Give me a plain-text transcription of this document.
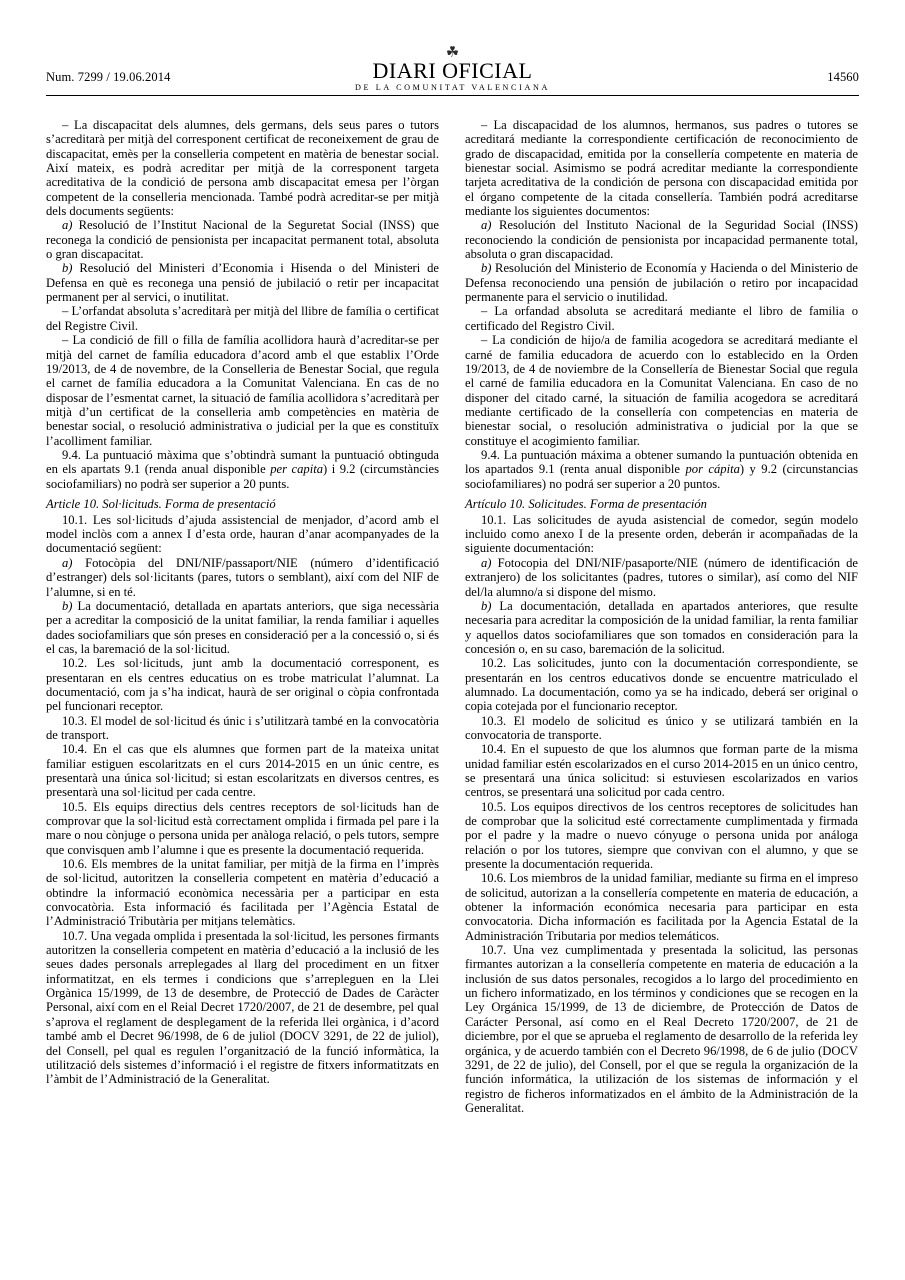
Num. 7299 / 19.06.2014
☘
DIARI OFICIAL
DE LA COMUNITAT VALENCIANA
14560

– La discapacitat dels alumnes, dels germans, dels seus pares o tutors s’acreditarà per mitjà del corresponent certificat de reconeixement de grau de discapacitat, emès per la conselleria competent en matèria de benestar social. Així mateix, es podrà acreditar per mitjà de la corresponent targeta acreditativa de la condició de persona amb discapacitat emesa per l’òrgan competent de la conselleria mencionada. També podrà acreditar-se per mitjà dels documents següents:

a) Resolució de l’Institut Nacional de la Seguretat Social (INSS) que reconega la condició de pensionista per incapacitat permanent total, absoluta o gran discapacitat.

b) Resolució del Ministeri d’Economia i Hisenda o del Ministeri de Defensa en què es reconega una pensió de jubilació o retir per incapacitat permanent per al servici, o inutilitat.

– L’orfandat absoluta s’acreditarà per mitjà del llibre de família o certificat del Registre Civil.

– La condició de fill o filla de família acollidora haurà d’acreditar-se per mitjà del carnet de família educadora d’acord amb el que establix l’Orde 19/2013, de 4 de novembre, de la Conselleria de Benestar Social, que regula el carnet de família educadora a la Comunitat Valenciana. En cas de no disposar de l’esmentat carnet, la situació de família acollidora s’acreditarà per mitjà d’un certificat de la conselleria amb competències en matèria de benestar social, o resolució administrativa o judicial per la que es constituïx l’acolliment familiar.

9.4. La puntuació màxima que s’obtindrà sumant la puntuació obtinguda en els apartats 9.1 (renda anual disponible per capita) i 9.2 (circumstàncies sociofamiliars) no podrà ser superior a 20 punts.

Article 10. Sol·licituds. Forma de presentació

10.1. Les sol·licituds d’ajuda assistencial de menjador, d’acord amb el model inclòs com a annex I d’esta orde, hauran d’anar acompanyades de la documentació següent:

a) Fotocòpia del DNI/NIF/passaport/NIE (número d’identificació d’estranger) dels sol·licitants (pares, tutors o semblant), així com del NIF de l’alumne, si en té.

b) La documentació, detallada en apartats anteriors, que siga necessària per a acreditar la composició de la unitat familiar, la renda familiar i aquelles dades sociofamiliars que són preses en consideració per a la concessió o, si és el cas, la baremació de la sol·licitud.

10.2. Les sol·licituds, junt amb la documentació corresponent, es presentaran en els centres educatius on es trobe matriculat l’alumnat. La documentació, com ja s’ha indicat, haurà de ser original o còpia confrontada pel funcionari receptor.

10.3. El model de sol·licitud és únic i s’utilitzarà també en la convocatòria de transport.

10.4. En el cas que els alumnes que formen part de la mateixa unitat familiar estiguen escolaritzats en el curs 2014-2015 en un únic centre, es presentarà una única sol·licitud; si estan escolaritzats en diversos centres, es presentarà una sol·licitud per cada centre.

10.5. Els equips directius dels centres receptors de sol·licituds han de comprovar que la sol·licitud està correctament omplida i firmada pel pare i la mare o nou cònjuge o persona unida per anàloga relació, o pels tutors, sempre que convisquen amb l’alumne i que es presente la documentació requerida.

10.6. Els membres de la unitat familiar, per mitjà de la firma en l’imprès de sol·licitud, autoritzen la conselleria competent en matèria d’educació a obtindre la informació econòmica necessària per a participar en esta convocatòria. Esta informació és facilitada per l’Agència Estatal de l’Administració Tributària per mitjans telemàtics.

10.7. Una vegada omplida i presentada la sol·licitud, les persones firmants autoritzen la conselleria competent en matèria d’educació a la inclusió de les seues dades personals arreplegades al llarg del procediment en un fitxer informatitzat, en els termes i condicions que s’arrepleguen en la Llei Orgànica 15/1999, de 13 de desembre, de Protecció de Dades de Caràcter Personal, així com en el Reial Decret 1720/2007, de 21 de desembre, pel qual s’aprova el reglament de desplegament de la referida llei orgànica, i d’acord també amb el Decret 96/1998, de 6 de juliol (DOCV 3291, de 22 de juliol), del Consell, pel qual es regulen l’organització de la funció informàtica, la utilització dels sistemes d’informació i el registre de fitxers informatitzats en l’àmbit de l’Administració de la Generalitat.

– La discapacidad de los alumnos, hermanos, sus padres o tutores se acreditará mediante la correspondiente certificación de reconocimiento de grado de discapacidad, emitida por la consellería competente en materia de bienestar social. Asimismo se podrá acreditar mediante la correspondiente tarjeta acreditativa de la condición de persona con discapacidad emitida por el órgano competente de la citada consellería. También podrá acreditarse mediante los siguientes documentos:

a) Resolución del Instituto Nacional de la Seguridad Social (INSS) reconociendo la condición de pensionista por incapacidad permanente total, absoluta o gran discapacidad.

b) Resolución del Ministerio de Economía y Hacienda o del Ministerio de Defensa reconociendo una pensión de jubilación o retiro por incapacidad permanente para el servicio o inutilidad.

– La orfandad absoluta se acreditará mediante el libro de familia o certificado del Registro Civil.

– La condición de hijo/a de familia acogedora se acreditará mediante el carné de familia educadora de acuerdo con lo establecido en la Orden 19/2013, de 4 de noviembre de la Consellería de Bienestar Social que regula el carné de familia educadora en la Comunitat Valenciana. En caso de no disponer del citado carné, la situación de familia acogedora se acreditará mediante certificado de la consellería con competencias en materia de bienestar social, o resolución administrativa o judicial por la que se constituye el acogimiento familiar.

9.4. La puntuación máxima a obtener sumando la puntuación obtenida en los apartados 9.1 (renta anual disponible por cápita) y 9.2 (circunstancias sociofamiliares) no podrá ser superior a 20 puntos.

Artículo 10. Solicitudes. Forma de presentación

10.1. Las solicitudes de ayuda asistencial de comedor, según modelo incluido como anexo I de la presente orden, deberán ir acompañadas de la siguiente documentación:

a) Fotocopia del DNI/NIF/pasaporte/NIE (número de identificación de extranjero) de los solicitantes (padres, tutores o similar), así como del NIF del/la alumno/a si dispone del mismo.

b) La documentación, detallada en apartados anteriores, que resulte necesaria para acreditar la composición de la unidad familiar, la renta familiar y aquellos datos sociofamiliares que son tomados en consideración para la concesión o, en su caso, baremación de la solicitud.

10.2. Las solicitudes, junto con la documentación correspondiente, se presentarán en los centros educativos donde se encuentre matriculado el alumnado. La documentación, como ya se ha indicado, deberá ser original o copia cotejada por el funcionario receptor.

10.3. El modelo de solicitud es único y se utilizará también en la convocatoria de transporte.

10.4. En el supuesto de que los alumnos que forman parte de la misma unidad familiar estén escolarizados en el curso 2014-2015 en un único centro, se presentará una única solicitud: si estuviesen escolarizados en varios centros, se presentará una solicitud por cada centro.

10.5. Los equipos directivos de los centros receptores de solicitudes han de comprobar que la solicitud esté correctamente cumplimentada y firmada por el padre y la madre o nuevo cónyuge o persona unida por análoga relación o por los tutores, siempre que convivan con el alumno, y que se presente la documentación requerida.

10.6. Los miembros de la unidad familiar, mediante su firma en el impreso de solicitud, autorizan a la consellería competente en materia de educación, a obtener la información económica necesaria para participar en esta convocatoria. Dicha información es facilitada por la Agencia Estatal de la Administración Tributaria por medios telemáticos.

10.7. Una vez cumplimentada y presentada la solicitud, las personas firmantes autorizan a la consellería competente en materia de educación a la inclusión de sus datos personales, recogidos a lo largo del procedimiento en un fichero informatizado, en los términos y condiciones que se recogen en la Ley Orgánica 15/1999, de 13 de diciembre, de Protección de Datos de Carácter Personal, así como en el Real Decreto 1720/2007, de 21 de diciembre, por el que se aprueba el reglamento de desarrollo de la referida ley orgánica, y de acuerdo también con el Decreto 96/1998, de 6 de julio (DOCV 3291, de 22 de julio), del Consell, por el que se regula la organización de la función informática, la utilización de los sistemas de información y el registro de ficheros informatizados en el ámbito de la Administración de la Generalitat.
